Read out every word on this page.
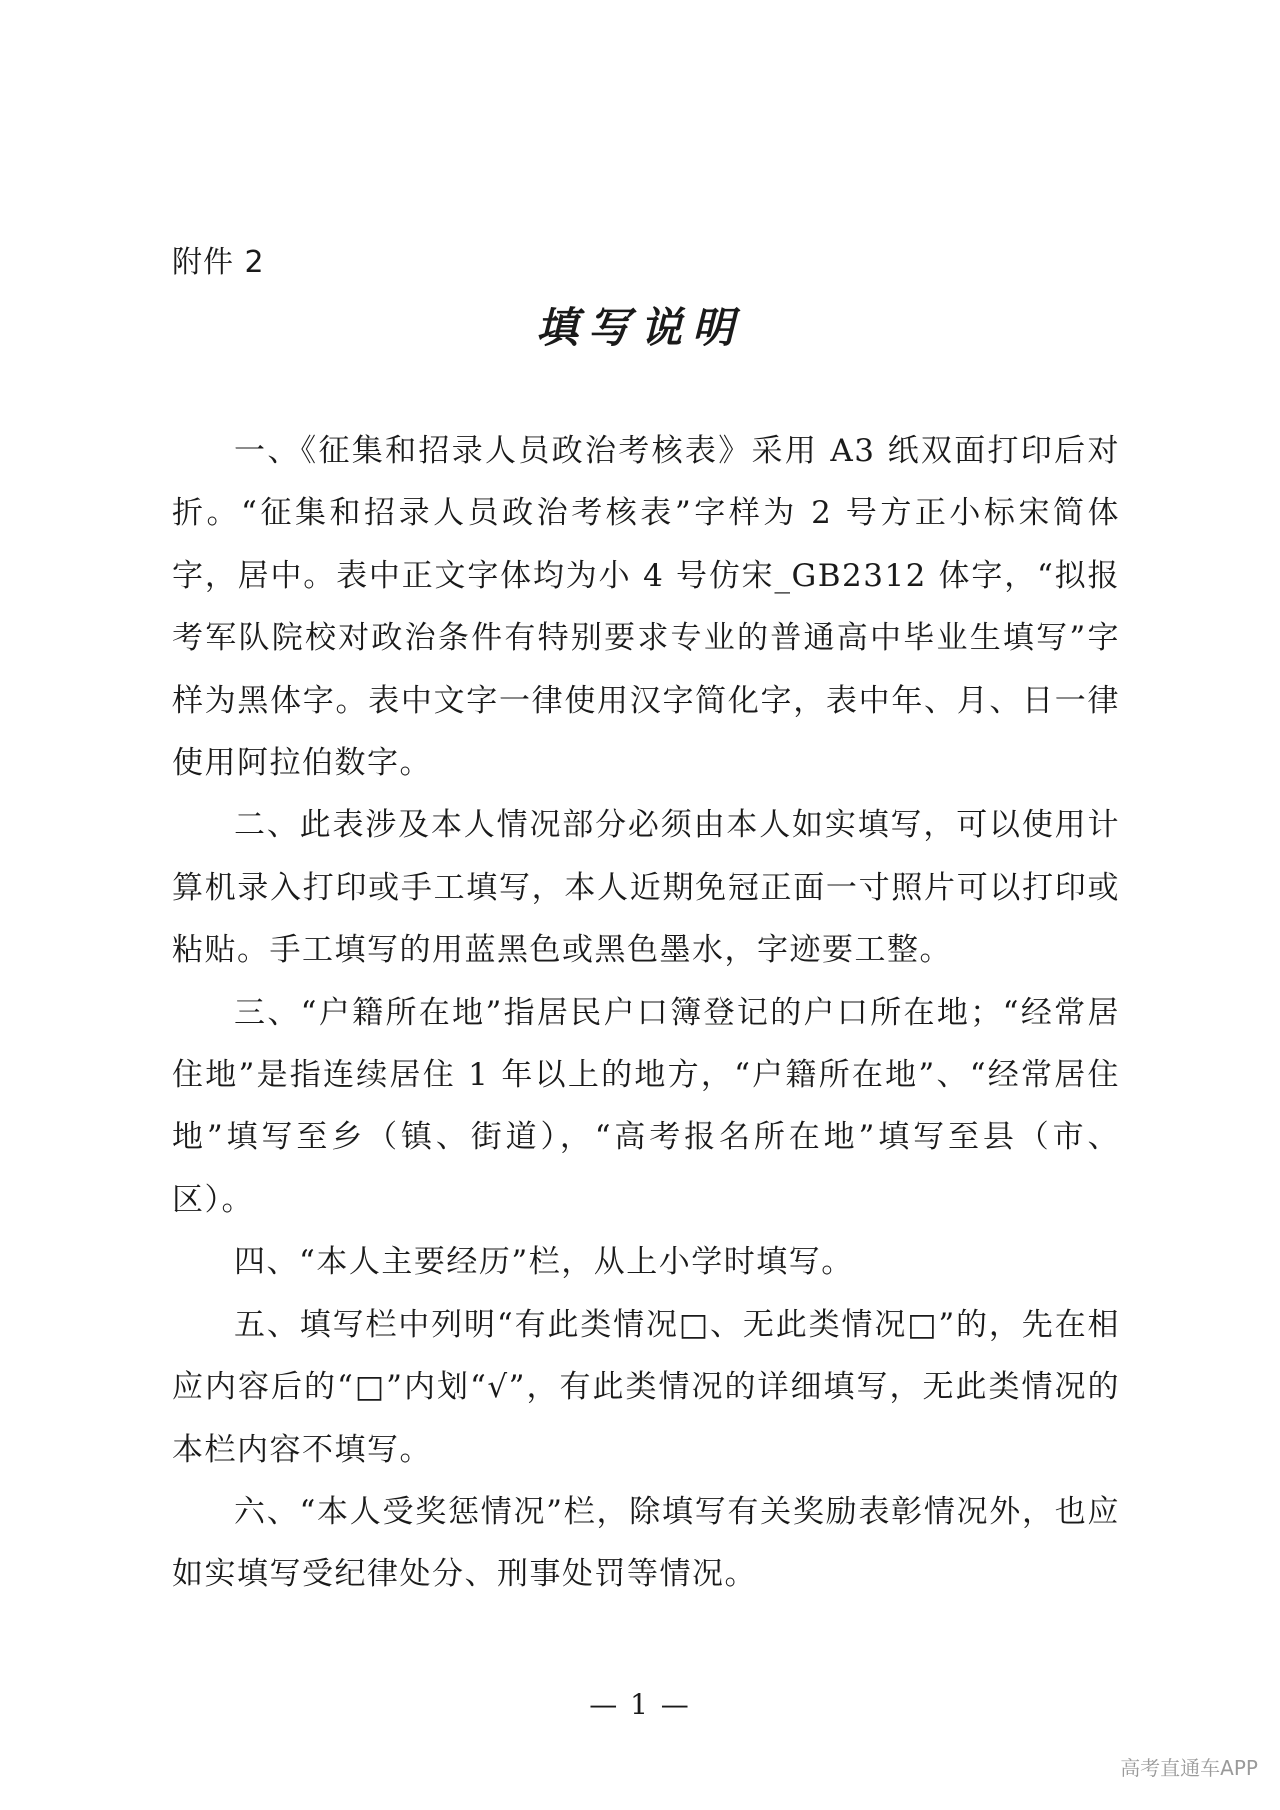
附件 2
填写说明

一、《征集和招录人员政治考核表》采用 A3 纸双面打印后对折。“征集和招录人员政治考核表”字样为 2 号方正小标宋简体字，居中。表中正文字体均为小 4 号仿宋_GB2312 体字，“拟报考军队院校对政治条件有特别要求专业的普通高中毕业生填写”字样为黑体字。表中文字一律使用汉字简化字，表中年、月、日一律使用阿拉伯数字。

二、此表涉及本人情况部分必须由本人如实填写，可以使用计算机录入打印或手工填写，本人近期免冠正面一寸照片可以打印或粘贴。手工填写的用蓝黑色或黑色墨水，字迹要工整。

三、“户籍所在地”指居民户口簿登记的户口所在地；“经常居住地”是指连续居住 1 年以上的地方，“户籍所在地”、“经常居住地”填写至乡（镇、街道），“高考报名所在地”填写至县（市、区）。

四、“本人主要经历”栏，从上小学时填写。

五、填写栏中列明“有此类情况□、无此类情况□”的，先在相应内容后的“□”内划“√”，有此类情况的详细填写，无此类情况的本栏内容不填写。

六、“本人受奖惩情况”栏，除填写有关奖励表彰情况外，也应如实填写受纪律处分、刑事处罚等情况。

— 1 —
高考直通车APP
